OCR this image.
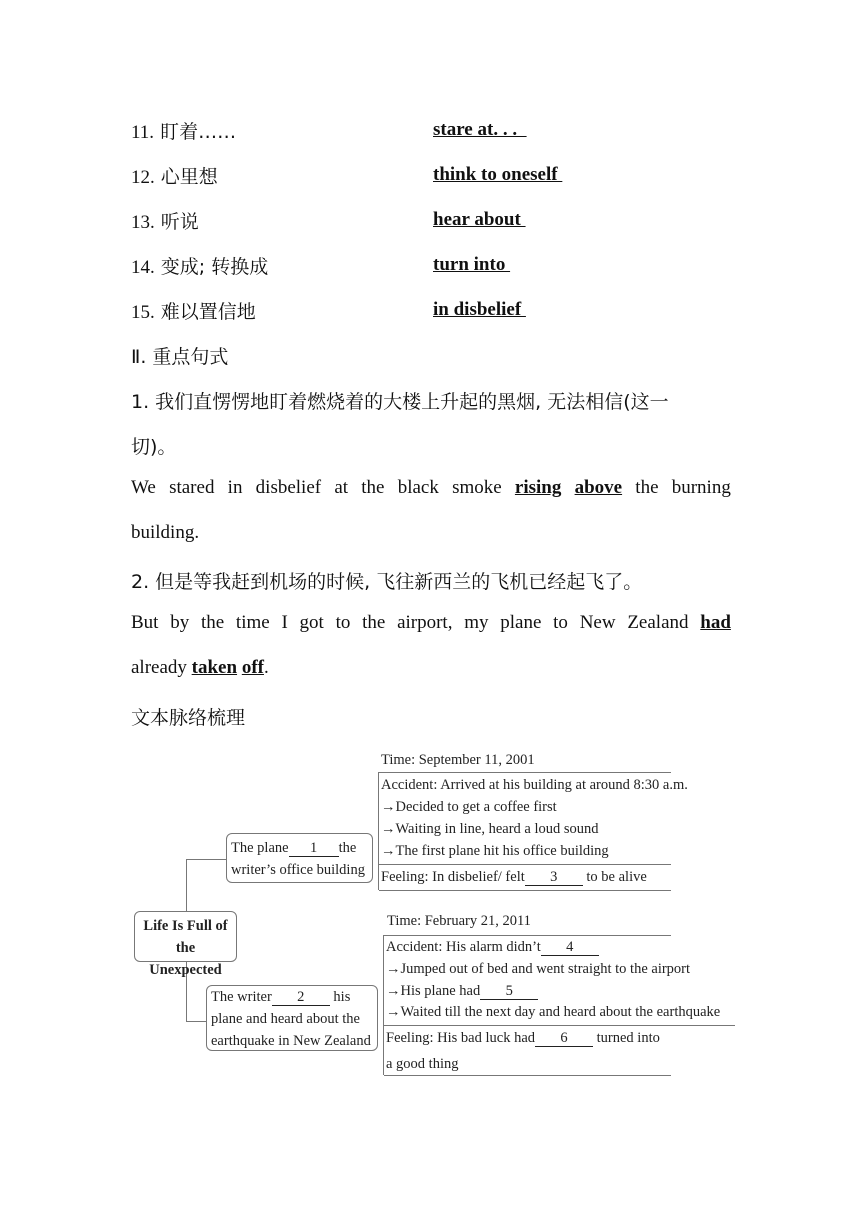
11. 盯着……	stare at. . .
12. 心里想	think to oneself
13. 听说	hear about
14. 变成; 转换成	turn into
15. 难以置信地	in disbelief
Ⅱ. 重点句式
1. 我们直愣愣地盯着燃烧着的大楼上升起的黑烟, 无法相信(这一
切)。
We stared in disbelief at the black smoke rising above the burning
building.
2. 但是等我赶到机场的时候, 飞往新西兰的飞机已经起飞了。
But by the time I got to the airport, my plane to New Zealand had
already taken off.
文本脉络梳理
Life Is Full of
the Unexpected
The plane 1 the
writer’s office building
Time: September 11, 2001
Accident: Arrived at his building at around 8:30 a.m.
→Decided to get a coffee first
→Waiting in line, heard a loud sound
→The first plane hit his office building
Feeling: In disbelief/ felt 3 to be alive
The writer 2 his
plane and heard about the
earthquake in New Zealand
Time: February 21, 2011
Accident: His alarm didn’t 4
→Jumped out of bed and went straight to the airport
→His plane had 5
→Waited till the next day and heard about the earthquake
Feeling: His bad luck had 6 turned into
a good thing
